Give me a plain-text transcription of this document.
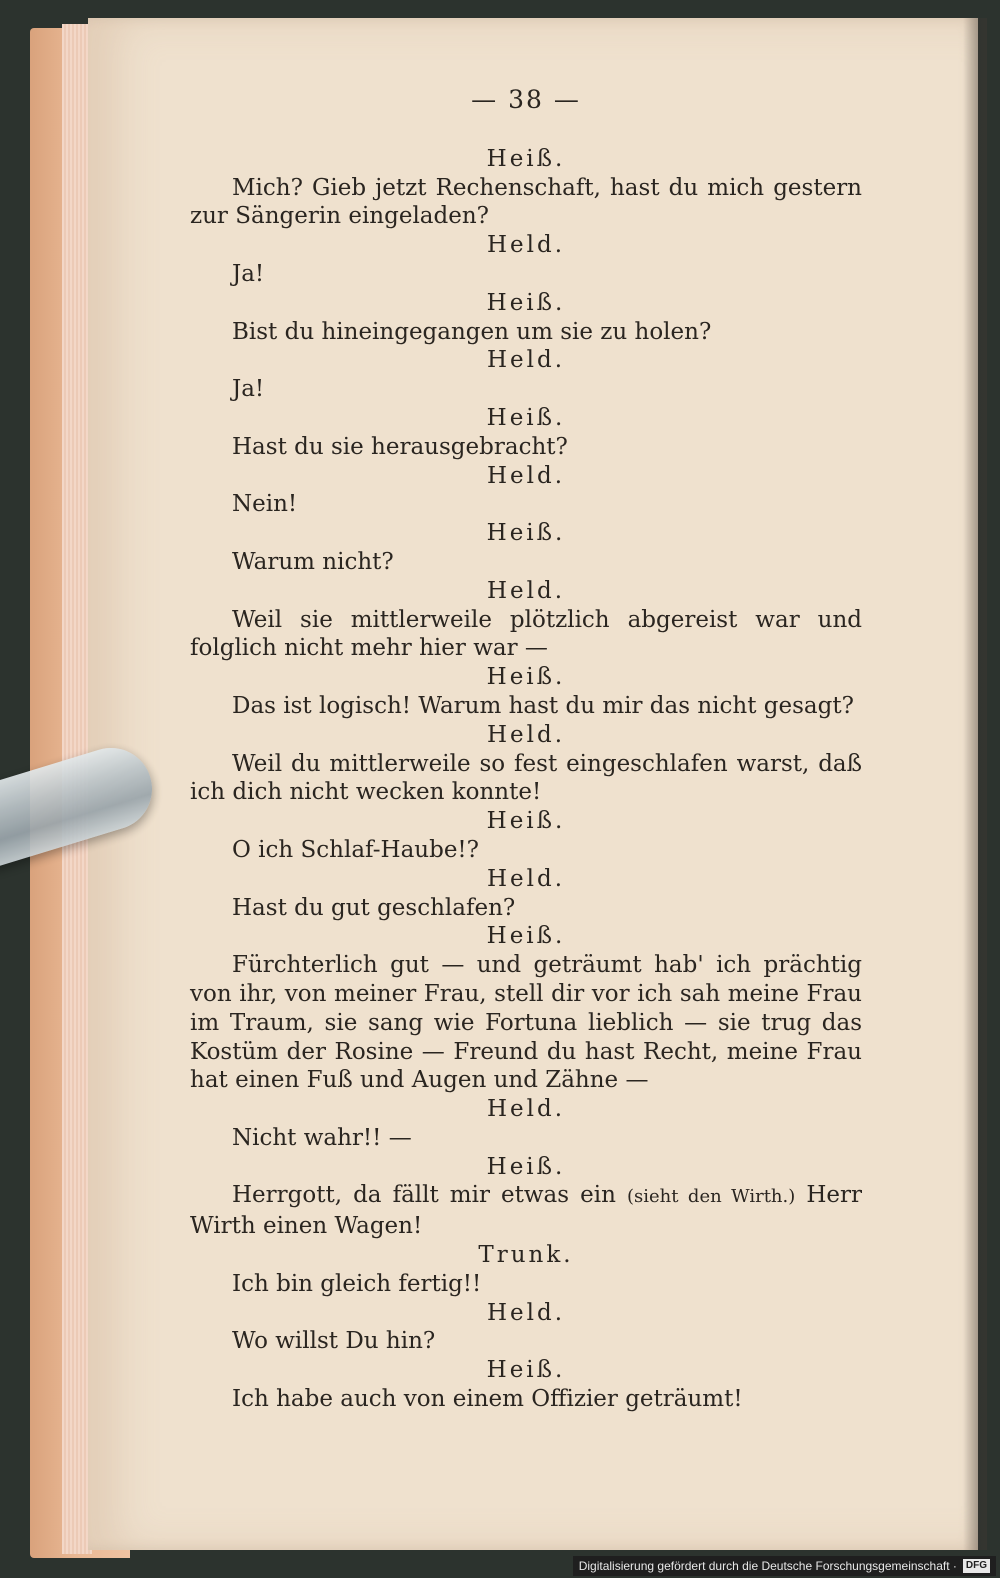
— 38 —
Heiß.
Mich? Gieb jetzt Rechenschaft, hast du mich gestern zur Sängerin eingeladen?
Held.
Ja!
Heiß.
Bist du hineingegangen um sie zu holen?
Held.
Ja!
Heiß.
Hast du sie herausgebracht?
Held.
Nein!
Heiß.
Warum nicht?
Held.
Weil sie mittlerweile plötzlich abgereist war und folglich nicht mehr hier war —
Heiß.
Das ist logisch! Warum hast du mir das nicht gesagt?
Held.
Weil du mittlerweile so fest eingeschlafen warst, daß ich dich nicht wecken konnte!
Heiß.
O ich Schlaf-Haube!?
Held.
Hast du gut geschlafen?
Heiß.
Fürchterlich gut — und geträumt hab' ich prächtig von ihr, von meiner Frau, stell dir vor ich sah meine Frau im Traum, sie sang wie Fortuna lieblich — sie trug das Kostüm der Rosine — Freund du hast Recht, meine Frau hat einen Fuß und Augen und Zähne —
Held.
Nicht wahr!! —
Heiß.
Herrgott, da fällt mir etwas ein (sieht den Wirth.) Herr Wirth einen Wagen!
Trunk.
Ich bin gleich fertig!!
Held.
Wo willst Du hin?
Heiß.
Ich habe auch von einem Offizier geträumt!
Digitalisierung gefördert durch die Deutsche Forschungsgemeinschaft · DFG
